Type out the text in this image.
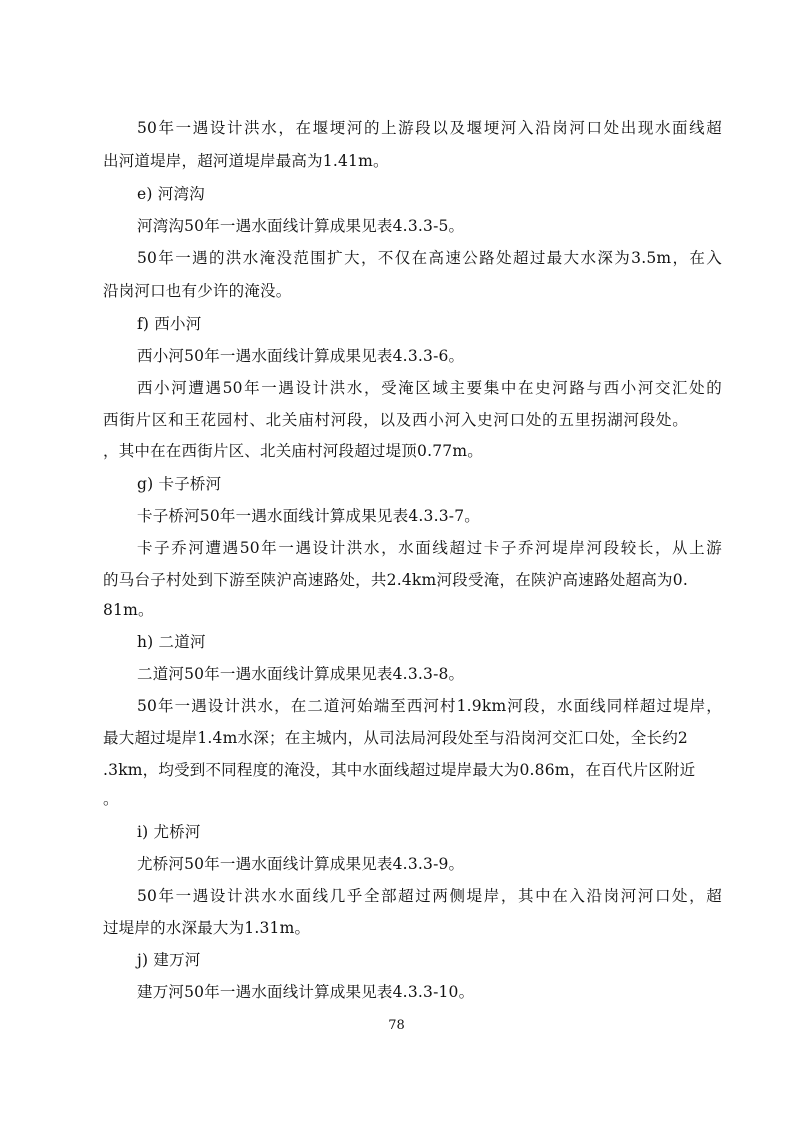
50年一遇设计洪水，在堰埂河的上游段以及堰埂河入沿岗河口处出现水面线超
出河道堤岸，超河道堤岸最高为1.41m。
e) 河湾沟
河湾沟50年一遇水面线计算成果见表4.3.3-5。
50年一遇的洪水淹没范围扩大，不仅在高速公路处超过最大水深为3.5m，在入
沿岗河口也有少许的淹没。
f) 西小河
西小河50年一遇水面线计算成果见表4.3.3-6。
西小河遭遇50年一遇设计洪水，受淹区域主要集中在史河路与西小河交汇处的
西街片区和王花园村、北关庙村河段，以及西小河入史河口处的五里拐湖河段处。
，其中在在西街片区、北关庙村河段超过堤顶0.77m。
g) 卡子桥河
卡子桥河50年一遇水面线计算成果见表4.3.3-7。
卡子乔河遭遇50年一遇设计洪水，水面线超过卡子乔河堤岸河段较长，从上游
的马台子村处到下游至陕沪高速路处，共2.4km河段受淹，在陕沪高速路处超高为0.
81m。
h) 二道河
二道河50年一遇水面线计算成果见表4.3.3-8。
50年一遇设计洪水，在二道河始端至西河村1.9km河段，水面线同样超过堤岸，
最大超过堤岸1.4m水深；在主城内，从司法局河段处至与沿岗河交汇口处，全长约2
.3km，均受到不同程度的淹没，其中水面线超过堤岸最大为0.86m，在百代片区附近
。
i) 尤桥河
尤桥河50年一遇水面线计算成果见表4.3.3-9。
50年一遇设计洪水水面线几乎全部超过两侧堤岸，其中在入沿岗河河口处，超
过堤岸的水深最大为1.31m。
j) 建万河
建万河50年一遇水面线计算成果见表4.3.3-10。
78
